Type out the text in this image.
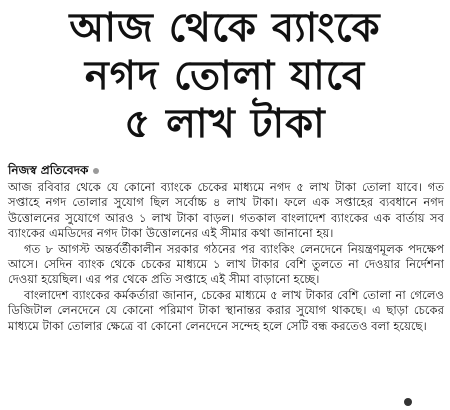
আজ থেকে ব্যাংকে
নগদ তোলা যাবে
৫ লাখ টাকা
নিজস্ব প্রতিবেদক

আজ রবিবার থেকে যে কোনো ব্যাংকে চেকের মাধ্যমে নগদ ৫ লাখ টাকা তোলা যাবে। গত সপ্তাহে নগদ তোলার সুযোগ ছিল সর্বোচ্চ ৪ লাখ টাকা। ফলে এক সপ্তাহের ব্যবধানে নগদ উত্তোলনের সুযোগে আরও ১ লাখ টাকা বাড়ল। গতকাল বাংলাদেশ ব্যাংকের এক বার্তায় সব ব্যাংকের এমডিদের নগদ টাকা উত্তোলনের এই সীমার কথা জানানো হয়।

গত ৮ আগস্ট অন্তর্বর্তীকালীন সরকার গঠনের পর ব্যাংকিং লেনদেনে নিয়ন্ত্রণমূলক পদক্ষেপ আসে। সেদিন ব্যাংক থেকে চেকের মাধ্যমে ১ লাখ টাকার বেশি তুলতে না দেওয়ার নির্দেশনা দেওয়া হয়েছিল। এর পর থেকে প্রতি সপ্তাহে এই সীমা বাড়ানো হচ্ছে।

বাংলাদেশ ব্যাংকের কর্মকর্তারা জানান, চেকের মাধ্যমে ৫ লাখ টাকার বেশি তোলা না গেলেও ডিজিটাল লেনদেনে যে কোনো পরিমাণ টাকা স্থানান্তর করার সুযোগ থাকছে। এ ছাড়া চেকের মাধ্যমে টাকা তোলার ক্ষেত্রে বা কোনো লেনদেনে সন্দেহ হলে সেটি বন্ধ করতেও বলা হয়েছে।
